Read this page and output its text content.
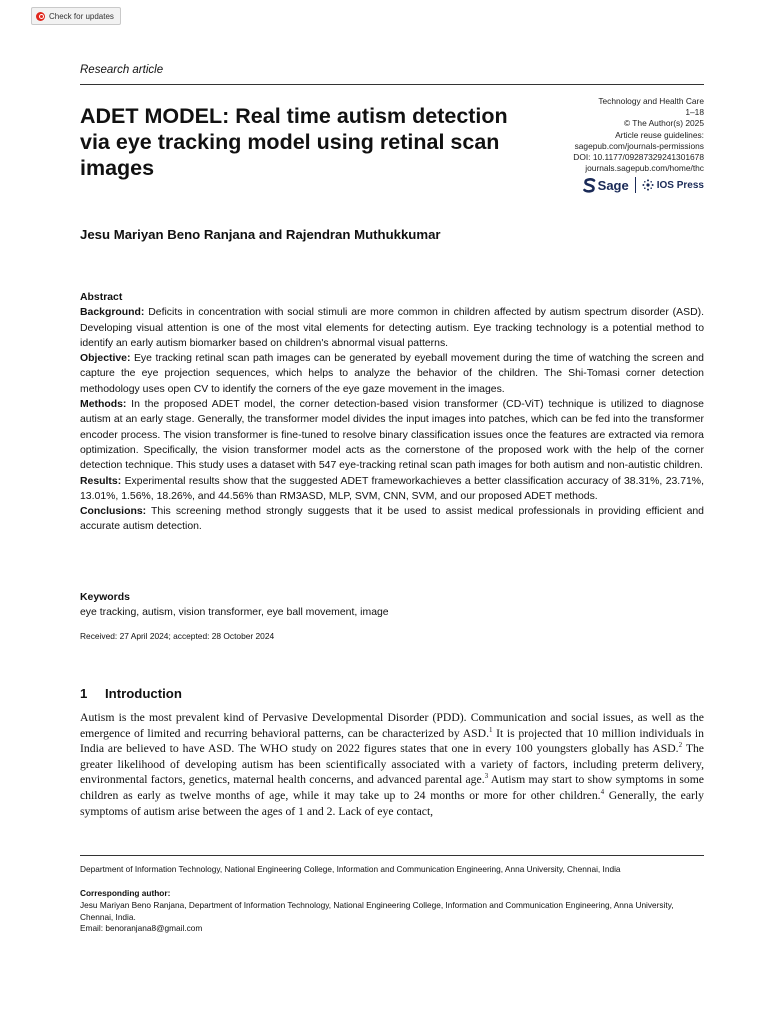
Check for updates
Research article
ADET MODEL: Real time autism detection via eye tracking model using retinal scan images
Technology and Health Care
1–18
© The Author(s) 2025
Article reuse guidelines:
sagepub.com/journals-permissions
DOI: 10.1177/09287329241301678
journals.sagepub.com/home/thc
Sage	IOS Press
Jesu Mariyan Beno Ranjana and Rajendran Muthukkumar

Abstract

Background: Deficits in concentration with social stimuli are more common in children affected by autism spectrum disorder (ASD). Developing visual attention is one of the most vital elements for detecting autism. Eye tracking technology is a potential method to identify an early autism biomarker based on children's abnormal visual patterns.

Objective: Eye tracking retinal scan path images can be generated by eyeball movement during the time of watching the screen and capture the eye projection sequences, which helps to analyze the behavior of the children. The Shi-Tomasi corner detection methodology uses open CV to identify the corners of the eye gaze movement in the images.

Methods: In the proposed ADET model, the corner detection-based vision transformer (CD-ViT) technique is utilized to diagnose autism at an early stage. Generally, the transformer model divides the input images into patches, which can be fed into the transformer encoder process. The vision transformer is fine-tuned to resolve binary classification issues once the features are extracted via remora optimization. Specifically, the vision transformer model acts as the cornerstone of the proposed work with the help of the corner detection technique. This study uses a dataset with 547 eye-tracking retinal scan path images for both autism and non-autistic children.

Results: Experimental results show that the suggested ADET frameworkachieves a better classification accuracy of 38.31%, 23.71%, 13.01%, 1.56%, 18.26%, and 44.56% than RM3ASD, MLP, SVM, CNN, SVM, and our proposed ADET methods.

Conclusions: This screening method strongly suggests that it be used to assist medical professionals in providing efficient and accurate autism detection.

Keywords

eye tracking, autism, vision transformer, eye ball movement, image

Received: 27 April 2024; accepted: 28 October 2024
1 Introduction

Autism is the most prevalent kind of Pervasive Developmental Disorder (PDD). Communication and social issues, as well as the emergence of limited and recurring behavioral patterns, can be characterized by ASD.$^1$ It is projected that 10 million individuals in India are believed to have ASD. The WHO study on 2022 figures states that one in every 100 youngsters globally has ASD.$^2$ The greater likelihood of developing autism has been scientifically associated with a variety of factors, including preterm delivery, environmental factors, genetics, maternal health concerns, and advanced parental age.$^3$ Autism may start to show symptoms in some children as early as twelve months of age, while it may take up to 24 months or more for other children.$^4$ Generally, the early symptoms of autism arise between the ages of 1 and 2. Lack of eye contact,

Department of Information Technology, National Engineering College, Information and Communication Engineering, Anna University, Chennai, India

Corresponding author:

Jesu Mariyan Beno Ranjana, Department of Information Technology, National Engineering College, Information and Communication Engineering, Anna University, Chennai, India.

Email: benoranjana8@gmail.com
